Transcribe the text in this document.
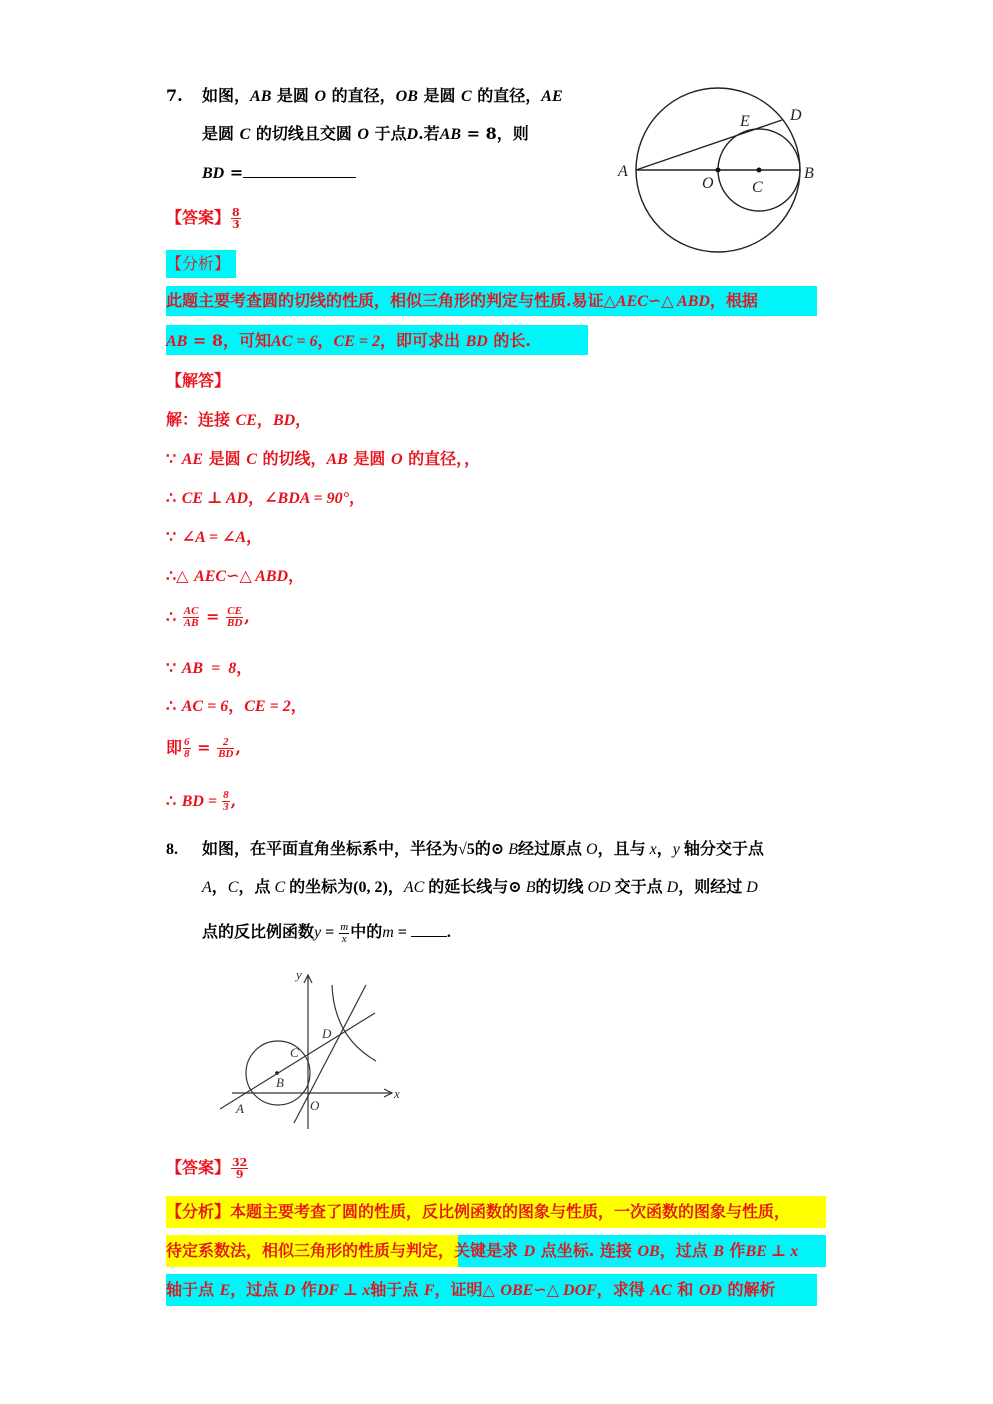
7. 如图，AB 是圆 O 的直径，OB 是圆 C 的直径，AE
是圆 C 的切线且交圆 O 于点D.若AB = 8，则
BD =	A	B
O C
E	D
【答案】 $\frac{8}{3}$
【分析】
此题主要考查圆的切线的性质，相似三角形的判定与性质.易证△AEC∽△ ABD，根据
AB = 8，可知AC = 6，CE = 2，即可求出 BD 的长.
【解答】
解：连接 CE，BD，
∵ AE 是圆 C 的切线，AB 是圆 O 的直径，，
∴ CE ⊥ AD，∠BDA = 90°，
∵ ∠A = ∠A，
∴△ AEC∽△ ABD，
∴ $\frac{AC}{AB} = \frac{CE}{BD}$ ,
∵ AB  =  8，
∴ AC = 6，CE = 2，
即 $\frac{6}{8} = \frac{2}{BD}$ ,
∴ BD = $\frac{8}{3}$ ,
8. 如图，在平面直角坐标系中，半径为√5的⊙ B经过原点 O，且与 x，y 轴分交于点
A，C，点 C 的坐标为(0, 2)，AC 的延长线与⊙ B的切线 OD 交于点 D，则经过 D
点的反比例函数$y = \frac{m}{x}$ 中的m =	.
y
x
A
B
C
D
O
【答案】 $\frac{32}{9}$
【分析】本题主要考查了圆的性质，反比例函数的图象与性质，一次函数的图象与性质，
待定系数法，相似三角形的性质与判定，关键是求 D 点坐标. 连接 OB，过点 B 作BE ⊥ x
轴于点 E，过点 D 作DF ⊥ x轴于点 F，证明△ OBE∽△ DOF，求得 AC 和 OD 的解析
